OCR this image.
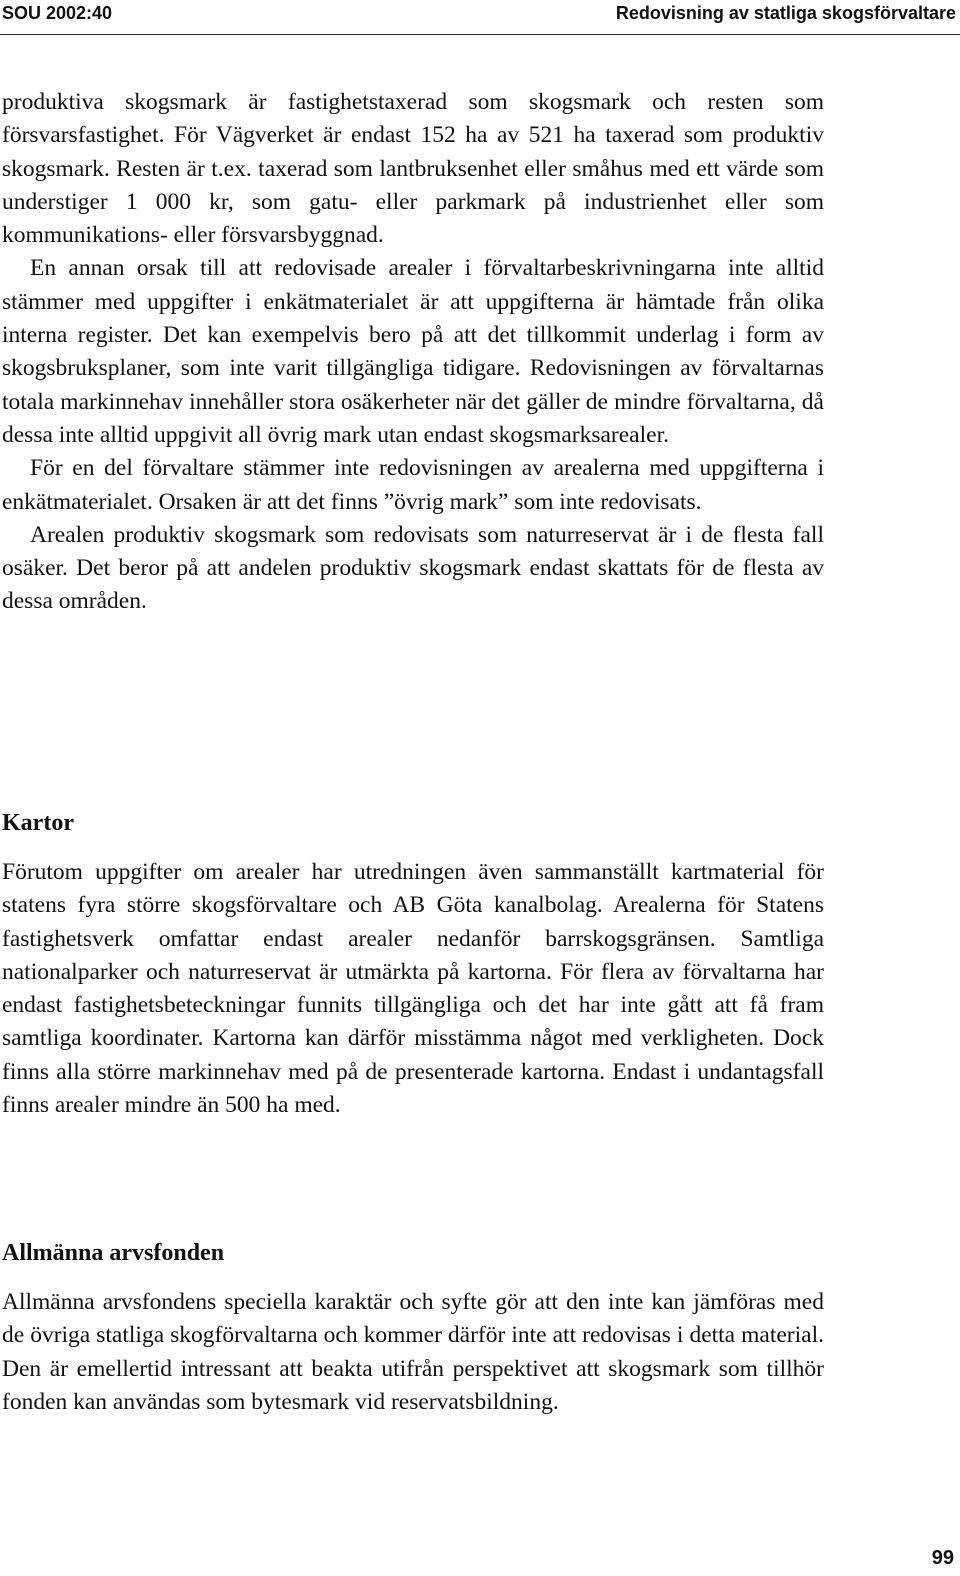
SOU 2002:40	Redovisning av statliga skogsförvaltare

produktiva skogsmark är fastighetstaxerad som skogsmark och resten som försvarsfastighet. För Vägverket är endast 152 ha av 521 ha taxerad som produktiv skogsmark. Resten är t.ex. taxerad som lantbruksenhet eller småhus med ett värde som understiger 1 000 kr, som gatu- eller parkmark på industrienhet eller som kommunikations- eller försvarsbyggnad.

En annan orsak till att redovisade arealer i förvaltarbeskrivningarna inte alltid stämmer med uppgifter i enkätmaterialet är att uppgifterna är hämtade från olika interna register. Det kan exempelvis bero på att det tillkommit underlag i form av skogsbruksplaner, som inte varit tillgängliga tidigare. Redovisningen av förvaltarnas totala markinnehav innehåller stora osäkerheter när det gäller de mindre förvaltarna, då dessa inte alltid uppgivit all övrig mark utan endast skogsmarksarealer.

För en del förvaltare stämmer inte redovisningen av arealerna med uppgifterna i enkätmaterialet. Orsaken är att det finns ”övrig mark” som inte redovisats.

Arealen produktiv skogsmark som redovisats som naturreservat är i de flesta fall osäker. Det beror på att andelen produktiv skogsmark endast skattats för de flesta av dessa områden.

Kartor

Förutom uppgifter om arealer har utredningen även sammanställt kartmaterial för statens fyra större skogsförvaltare och AB Göta kanalbolag. Arealerna för Statens fastighetsverk omfattar endast arealer nedanför barrskogsgränsen. Samtliga nationalparker och naturreservat är utmärkta på kartorna. För flera av förvaltarna har endast fastighetsbeteckningar funnits tillgängliga och det har inte gått att få fram samtliga koordinater. Kartorna kan därför misstämma något med verkligheten. Dock finns alla större markinnehav med på de presenterade kartorna. Endast i undantagsfall finns arealer mindre än 500 ha med.

Allmänna arvsfonden

Allmänna arvsfondens speciella karaktär och syfte gör att den inte kan jämföras med de övriga statliga skogförvaltarna och kommer därför inte att redovisas i detta material. Den är emellertid intressant att beakta utifrån perspektivet att skogsmark som tillhör fonden kan användas som bytesmark vid reservatsbildning.

99
